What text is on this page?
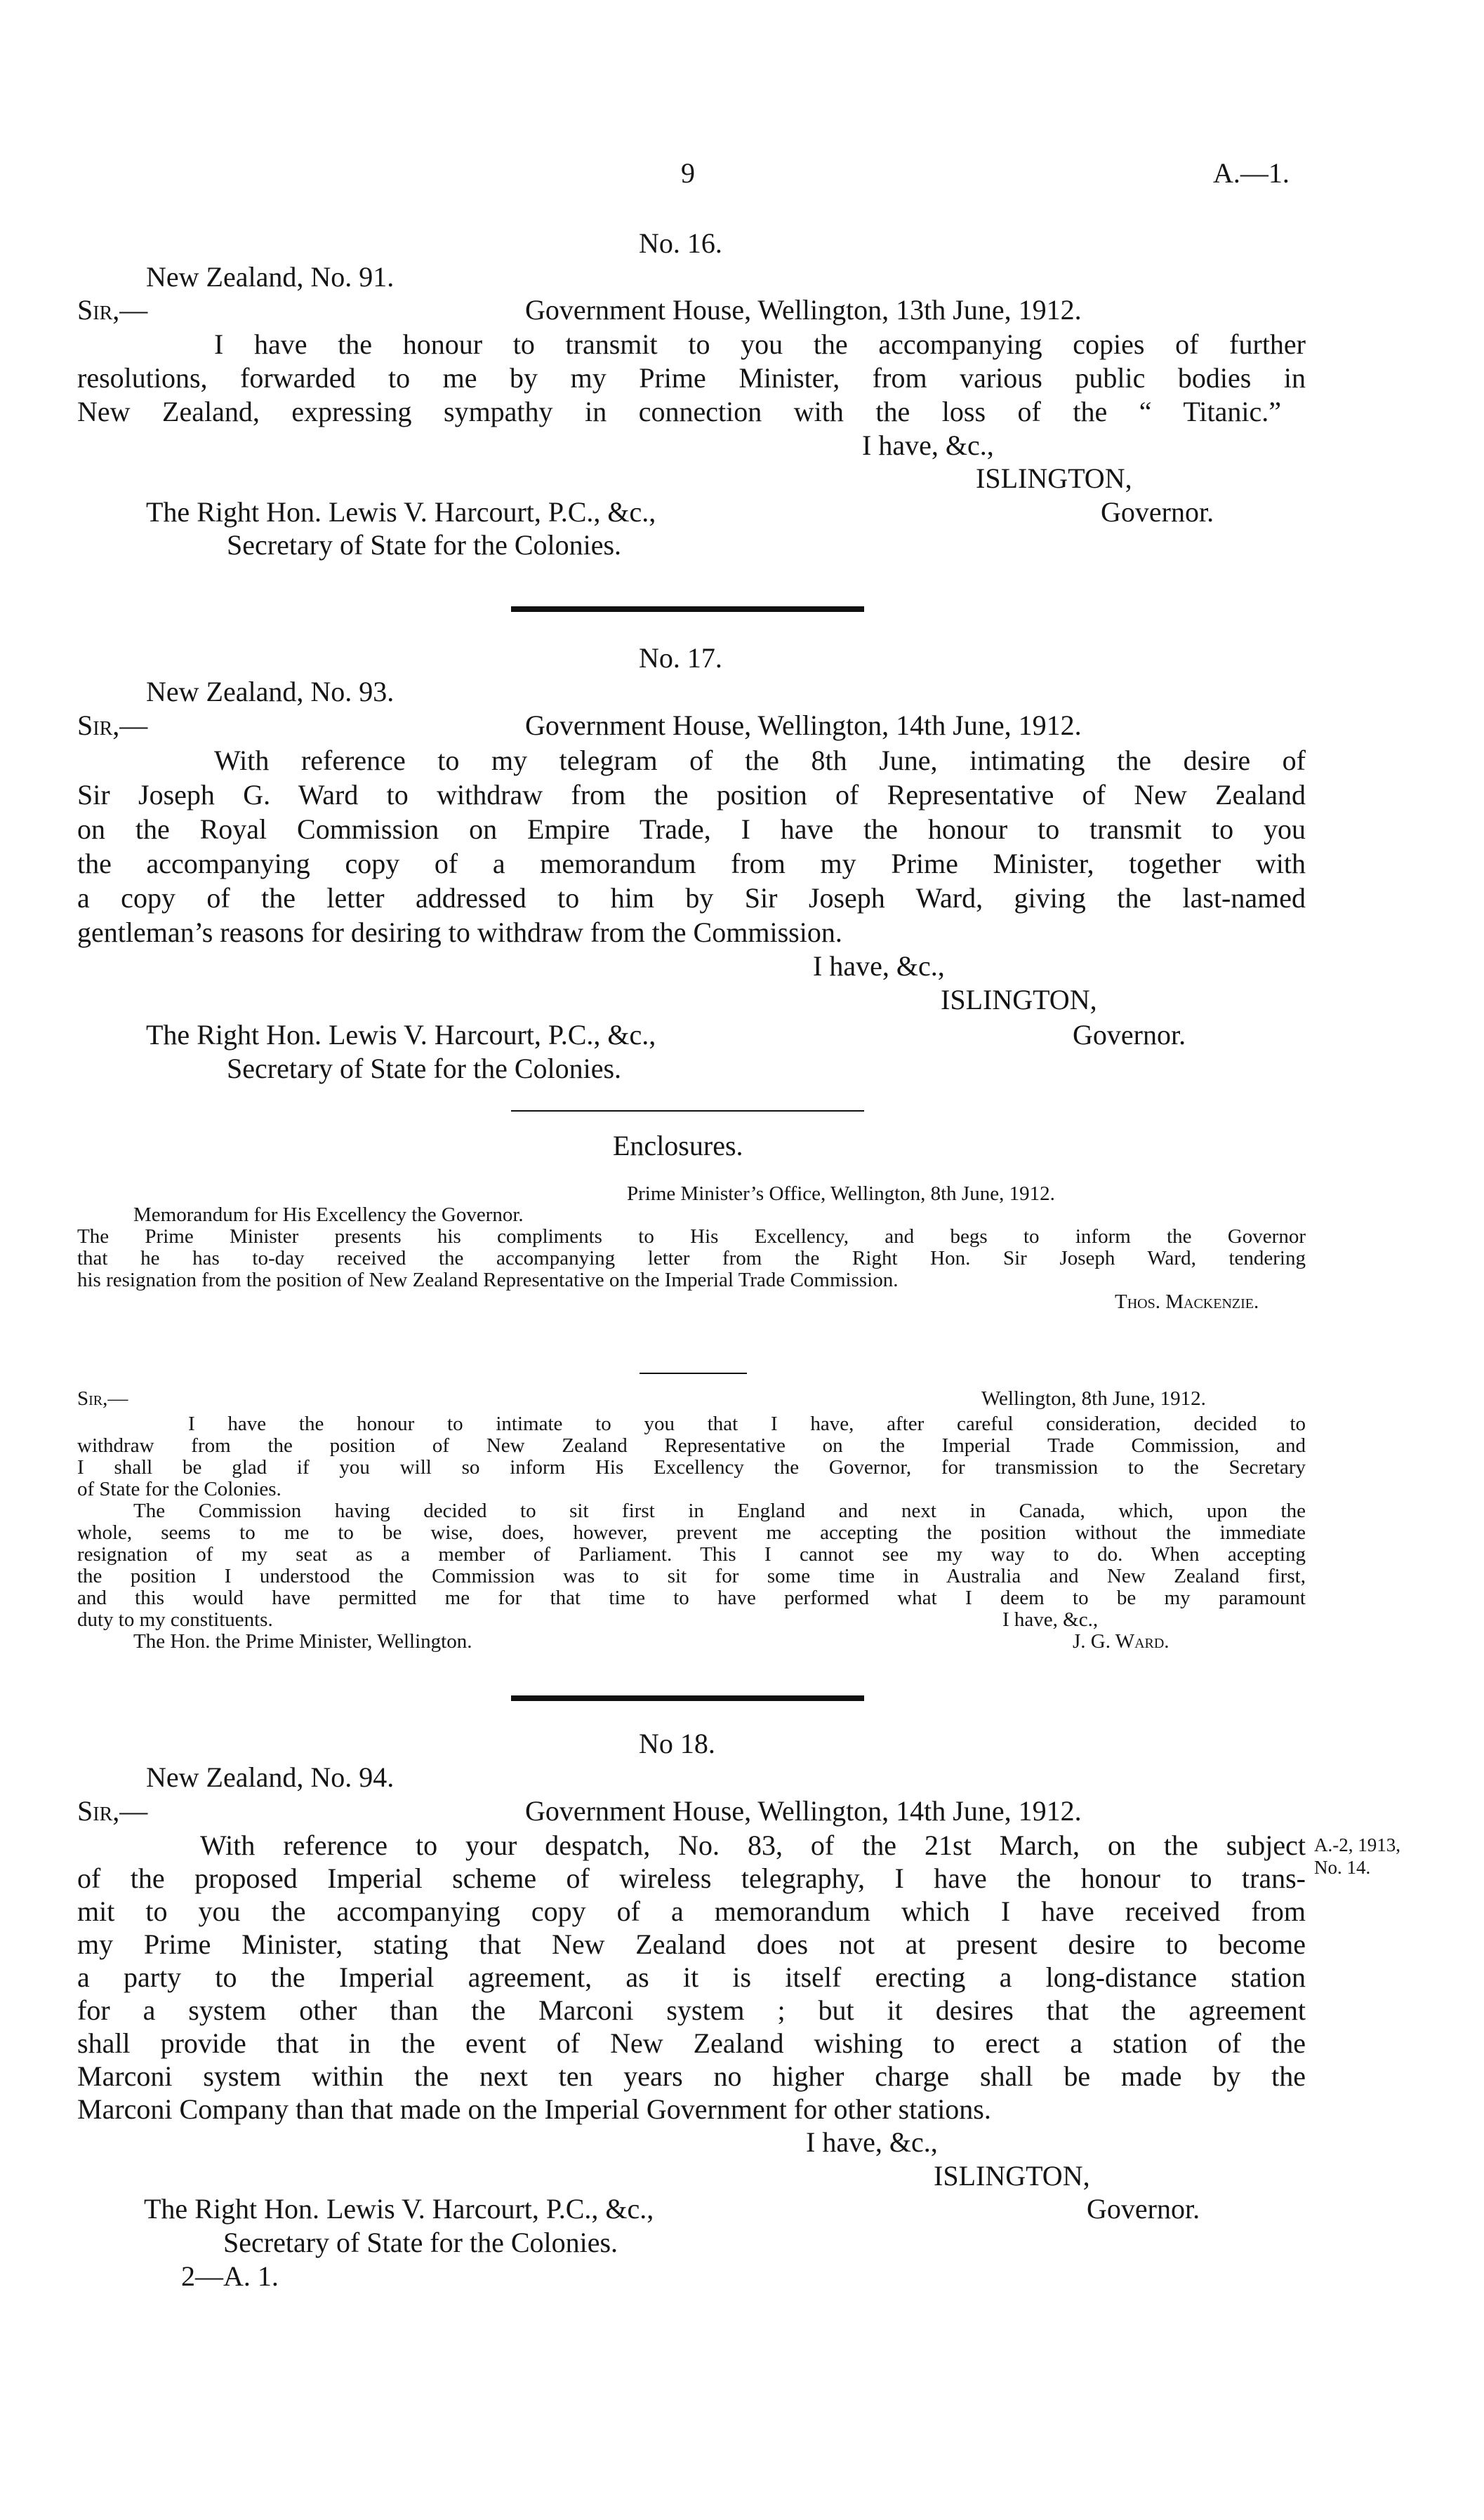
9	A.—1.
No. 16.
New Zealand, No. 91.
Sir,—	Government House, Wellington, 13th June, 1912.
I have the honour to transmit to you the accompanying copies of further
resolutions, forwarded to me by my Prime Minister, from various public bodies in
New Zealand, expressing sympathy in connection with the loss of the “ Titanic.”
I have, &c.,
ISLINGTON,
The Right Hon. Lewis V. Harcourt, P.C., &c.,	Governor.
Secretary of State for the Colonies.
No. 17.
New Zealand, No. 93.
Sir,—	Government House, Wellington, 14th June, 1912.
With reference to my telegram of the 8th June, intimating the desire of
Sir Joseph G. Ward to withdraw from the position of Representative of New Zealand
on the Royal Commission on Empire Trade, I have the honour to transmit to you
the accompanying copy of a memorandum from my Prime Minister, together with
a copy of the letter addressed to him by Sir Joseph Ward, giving the last-named
gentleman’s reasons for desiring to withdraw from the Commission.
I have, &c.,
ISLINGTON,
The Right Hon. Lewis V. Harcourt, P.C., &c.,	Governor.
Secretary of State for the Colonies.
Enclosures.
Prime Minister’s Office, Wellington, 8th June, 1912.
Memorandum for His Excellency the Governor.
The Prime Minister presents his compliments to His Excellency, and begs to inform the Governor
that he has to-day received the accompanying letter from the Right Hon. Sir Joseph Ward, tendering
his resignation from the position of New Zealand Representative on the Imperial Trade Commission.
Thos. Mackenzie.
Sir,—	Wellington, 8th June, 1912.
I have the honour to intimate to you that I have, after careful consideration, decided to
withdraw from the position of New Zealand Representative on the Imperial Trade Commission, and
I shall be glad if you will so inform His Excellency the Governor, for transmission to the Secretary
of State for the Colonies.
The Commission having decided to sit first in England and next in Canada, which, upon the
whole, seems to me to be wise, does, however, prevent me accepting the position without the immediate
resignation of my seat as a member of Parliament. This I cannot see my way to do. When accepting
the position I understood the Commission was to sit for some time in Australia and New Zealand first,
and this would have permitted me for that time to have performed what I deem to be my paramount
duty to my constituents.	I have, &c.,
The Hon. the Prime Minister, Wellington.	J. G. Ward.
No 18.
New Zealand, No. 94.
Sir,—	Government House, Wellington, 14th June, 1912.
With reference to your despatch, No. 83, of the 21st March, on the subject
of the proposed Imperial scheme of wireless telegraphy, I have the honour to trans-
mit to you the accompanying copy of a memorandum which I have received from
my Prime Minister, stating that New Zealand does not at present desire to become
a party to the Imperial agreement, as it is itself erecting a long-distance station
for a system other than the Marconi system ; but it desires that the agreement
shall provide that in the event of New Zealand wishing to erect a station of the
Marconi system within the next ten years no higher charge shall be made by the
Marconi Company than that made on the Imperial Government for other stations.
A.-2, 1913,
No. 14.
I have, &c.,
ISLINGTON,
The Right Hon. Lewis V. Harcourt, P.C., &c.,	Governor.
Secretary of State for the Colonies.
2—A. 1.
